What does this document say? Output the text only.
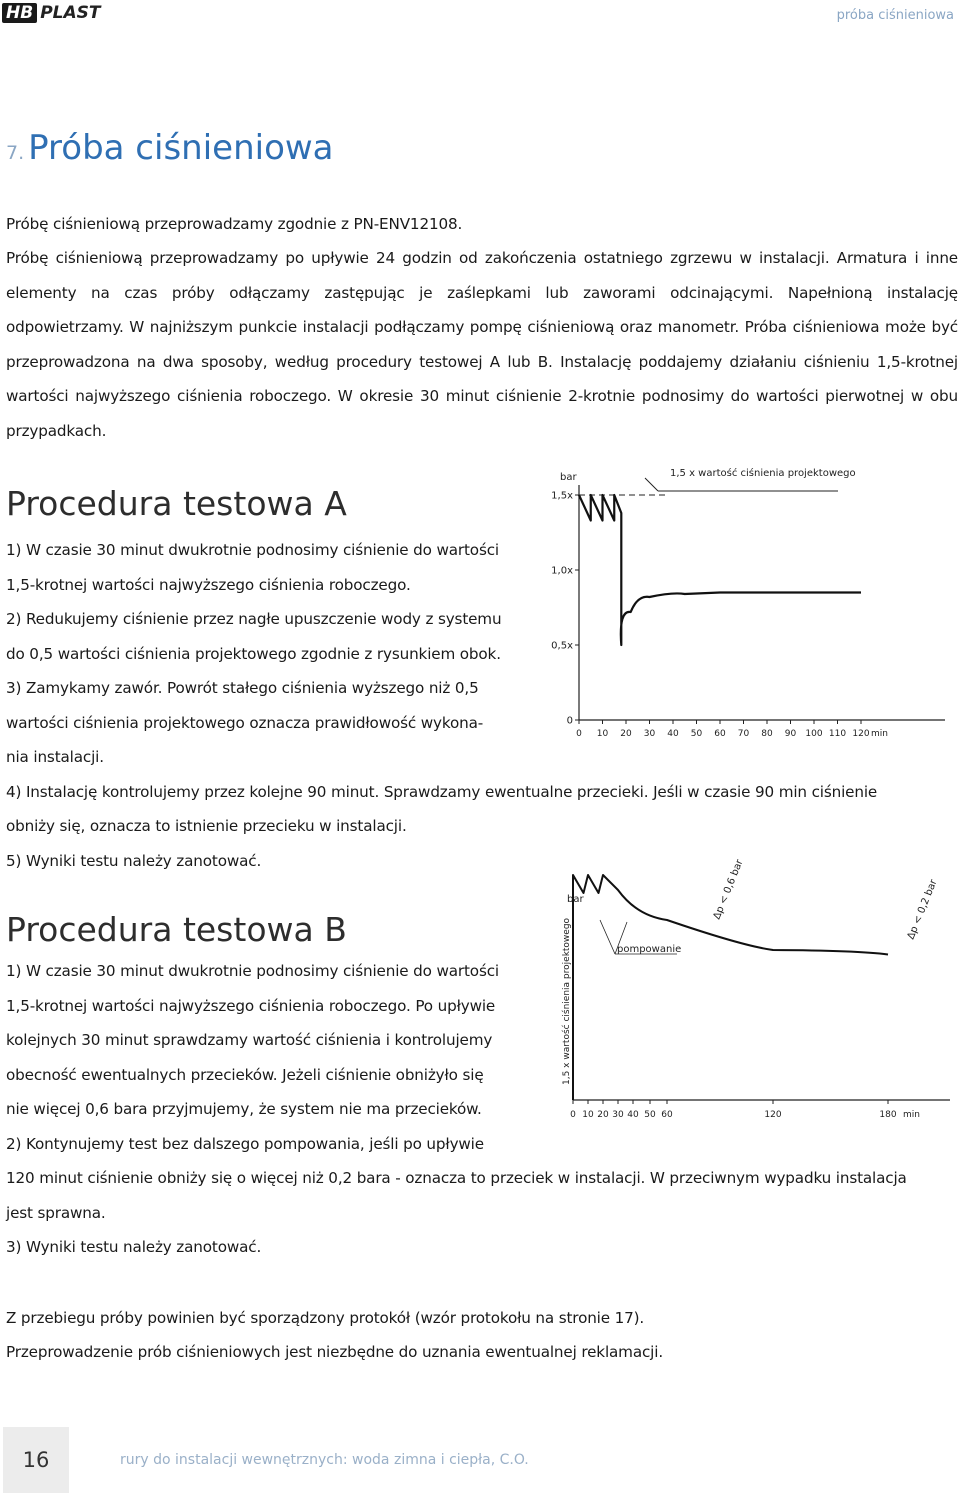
HB PLAST	próba ciśnieniowa
7. Próba ciśnieniowa
Próbę ciśnieniową przeprowadzamy zgodnie z PN-ENV12108.
Próbę ciśnieniową przeprowadzamy po upływie 24 godzin od zakończenia ostatniego zgrzewu w instalacji. Armatura i inne elementy na czas próby odłączamy zastępując je zaślepkami lub zaworami odcinającymi. Napełnioną instalację odpowietrzamy. W najniższym punkcie instalacji podłączamy pompę ciśnieniową oraz manometr. Próba ciśnieniowa może być przeprowadzona na dwa sposoby, według procedury testowej A lub B. Instalację poddajemy działaniu ciśnieniu 1,5-krotnej wartości najwyższego ciśnienia roboczego. W okresie 30 minut ciśnienie 2-krotnie podnosimy do wartości pierwotnej w obu przypadkach.
Procedura testowa A
1) W czasie 30 minut dwukrotnie podnosimy ciśnienie do wartości
1,5-krotnej wartości najwyższego ciśnienia roboczego.
2) Redukujemy ciśnienie przez nagłe upuszczenie wody z systemu
do 0,5 wartości ciśnienia projektowego zgodnie z rysunkiem obok.
3) Zamykamy zawór. Powrót stałego ciśnienia wyższego niż 0,5
wartości ciśnienia projektowego oznacza prawidłowość wykona-
nia instalacji.
4) Instalację kontrolujemy przez kolejne 90 minut. Sprawdzamy ewentualne przecieki. Jeśli w czasie 90 min ciśnienie
obniży się, oznacza to istnienie przecieku w instalacji.
5) Wyniki testu należy zanotować.
bar
1,5x
1,0x
0,5x
0
0 10 20 30 40 50 60 70 80 90 100 110 120 min
1,5 x wartość ciśnienia projektowego
Procedura testowa B
1) W czasie 30 minut dwukrotnie podnosimy ciśnienie do wartości
1,5-krotnej wartości najwyższego ciśnienia roboczego. Po upływie
kolejnych 30 minut sprawdzamy wartość ciśnienia i kontrolujemy
obecność ewentualnych przecieków. Jeżeli ciśnienie obniżyło się
nie więcej 0,6 bara przyjmujemy, że system nie ma przecieków.
2) Kontynujemy test bez dalszego pompowania, jeśli po upływie
120 minut ciśnienie obniży się o więcej niż 0,2 bara - oznacza to przeciek w instalacji. W przeciwnym wypadku instalacja
jest sprawna.
3) Wyniki testu należy zanotować.
bar
1,5 x wartość ciśnienia projektowego
0 10 20 30 40 50 60	120	180 min
pompowanie
Δp < 0,6 bar	Δp < 0,2 bar
Z przebiegu próby powinien być sporządzony protokół (wzór protokołu na stronie 17).
Przeprowadzenie prób ciśnieniowych jest niezbędne do uznania ewentualnej reklamacji.
16	rury do instalacji wewnętrznych: woda zimna i ciepła, C.O.
